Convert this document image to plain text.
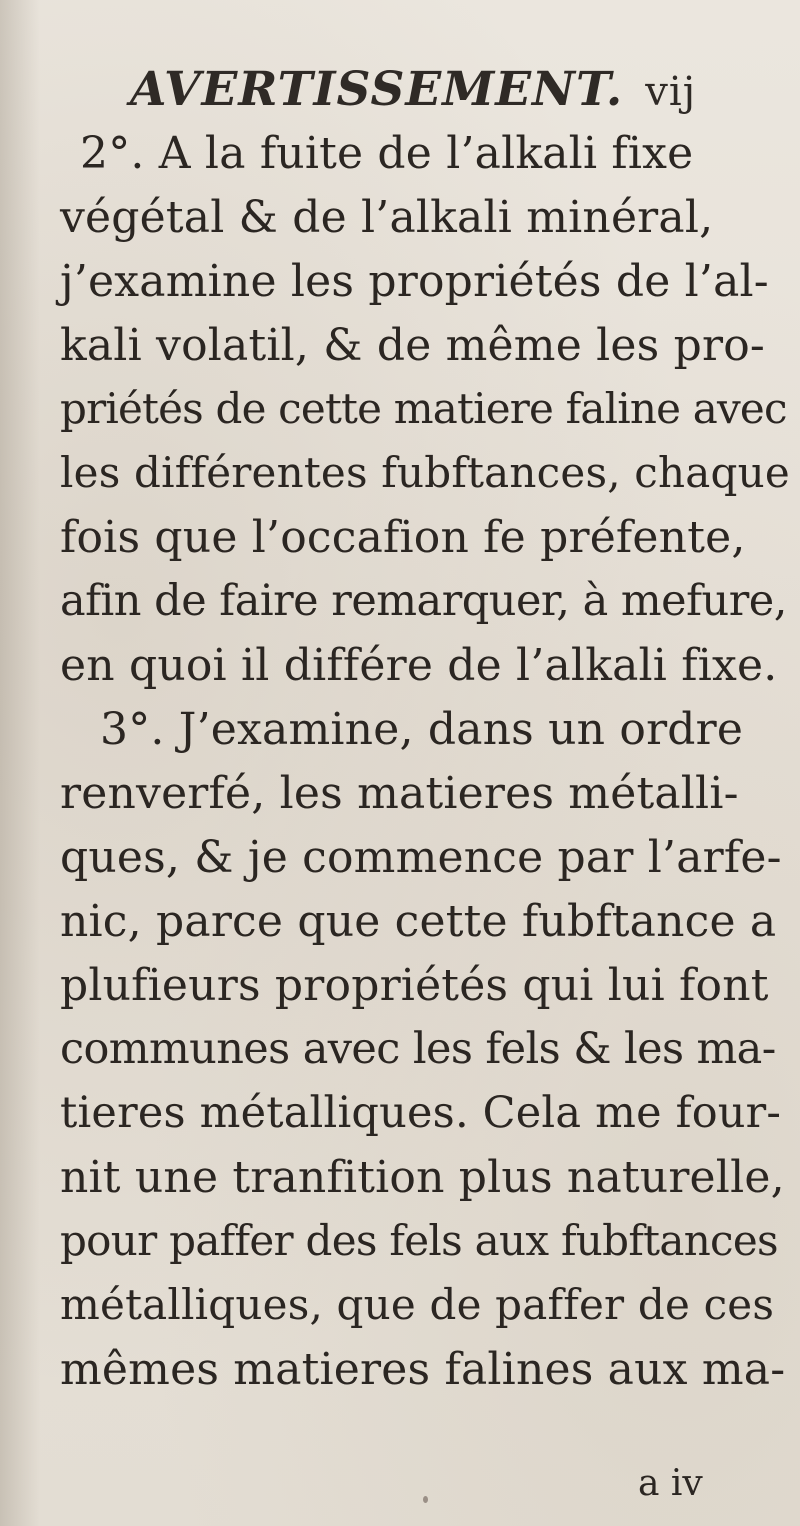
AVERTISSEMENT. vij
2°. A la fuite de l’alkali fixe
végétal & de l’alkali minéral,
j’examine les propriétés de l’al-
kali volatil, & de même les pro-
priétés de cette matiere faline avec
les différentes fubftances, chaque
fois que l’occafion fe préfente,
afin de faire remarquer, à mefure,
en quoi il différe de l’alkali fixe.
3°. J’examine, dans un ordre
renverfé, les matieres métalli-
ques, & je commence par l’arfe-
nic, parce que cette fubftance a
plufieurs propriétés qui lui font
communes avec les fels & les ma-
tieres métalliques. Cela me four-
nit une tranfition plus naturelle,
pour paffer des fels aux fubftances
métalliques, que de paffer de ces
mêmes matieres falines aux ma-
a iv
